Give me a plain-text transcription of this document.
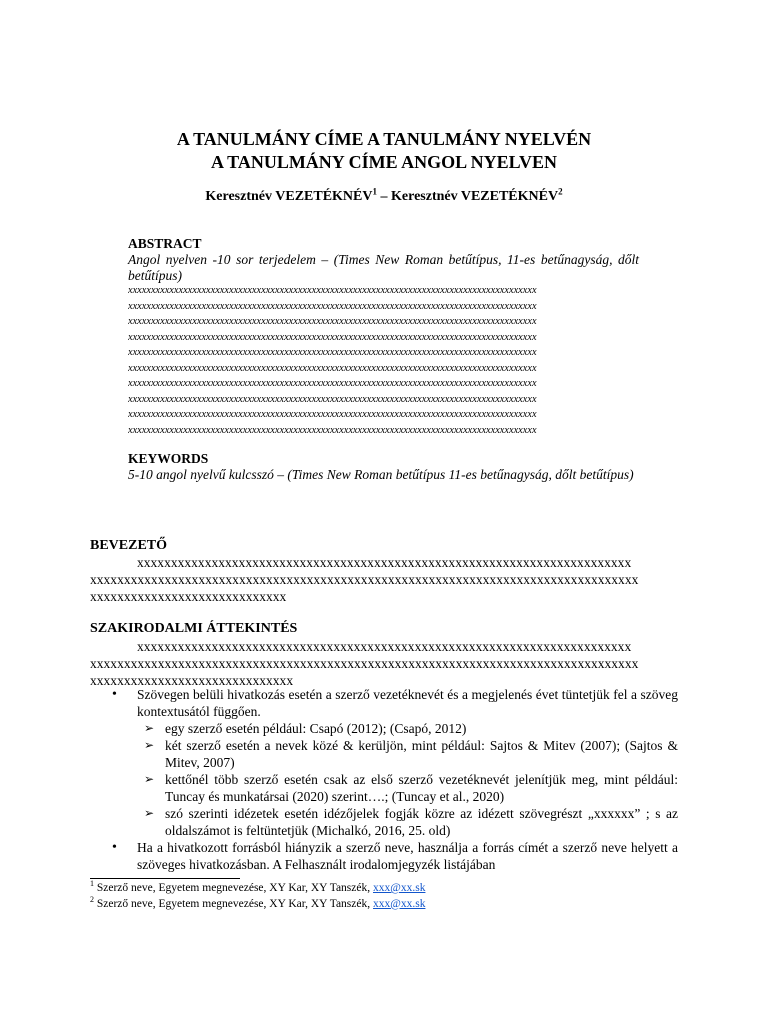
A TANULMÁNY CÍME A TANULMÁNY NYELVÉN
A TANULMÁNY CÍME ANGOL NYELVEN
Keresztnév VEZETÉKNÉV$^1$ – Keresztnév VEZETÉKNÉV$^2$
ABSTRACT
Angol nyelven -10 sor terjedelem – (Times New Roman betűtípus, 11-es betűnagyság, dőlt betűtípus)
xxxxxxxxxxxxxxxxxxxxxxxxxxxxxxxxxxxxxxxxxxxxxxxxxxxxxxxxxxxxxxxxxxxxxxxxxxxxxxxxxxxxxxxxx
xxxxxxxxxxxxxxxxxxxxxxxxxxxxxxxxxxxxxxxxxxxxxxxxxxxxxxxxxxxxxxxxxxxxxxxxxxxxxxxxxxxxxxxxx
xxxxxxxxxxxxxxxxxxxxxxxxxxxxxxxxxxxxxxxxxxxxxxxxxxxxxxxxxxxxxxxxxxxxxxxxxxxxxxxxxxxxxxxxx
xxxxxxxxxxxxxxxxxxxxxxxxxxxxxxxxxxxxxxxxxxxxxxxxxxxxxxxxxxxxxxxxxxxxxxxxxxxxxxxxxxxxxxxxx
xxxxxxxxxxxxxxxxxxxxxxxxxxxxxxxxxxxxxxxxxxxxxxxxxxxxxxxxxxxxxxxxxxxxxxxxxxxxxxxxxxxxxxxxx
xxxxxxxxxxxxxxxxxxxxxxxxxxxxxxxxxxxxxxxxxxxxxxxxxxxxxxxxxxxxxxxxxxxxxxxxxxxxxxxxxxxxxxxxx
xxxxxxxxxxxxxxxxxxxxxxxxxxxxxxxxxxxxxxxxxxxxxxxxxxxxxxxxxxxxxxxxxxxxxxxxxxxxxxxxxxxxxxxxx
xxxxxxxxxxxxxxxxxxxxxxxxxxxxxxxxxxxxxxxxxxxxxxxxxxxxxxxxxxxxxxxxxxxxxxxxxxxxxxxxxxxxxxxxx
xxxxxxxxxxxxxxxxxxxxxxxxxxxxxxxxxxxxxxxxxxxxxxxxxxxxxxxxxxxxxxxxxxxxxxxxxxxxxxxxxxxxxxxxx
xxxxxxxxxxxxxxxxxxxxxxxxxxxxxxxxxxxxxxxxxxxxxxxxxxxxxxxxxxxxxxxxxxxxxxxxxxxxxxxxxxxxxxxxx
KEYWORDS
5-10 angol nyelvű kulcsszó – (Times New Roman betűtípus 11-es betűnagyság, dőlt betűtípus)
BEVEZETŐ
xxxxxxxxxxxxxxxxxxxxxxxxxxxxxxxxxxxxxxxxxxxxxxxxxxxxxxxxxxxxxxxxxxxxxxxxx
xxxxxxxxxxxxxxxxxxxxxxxxxxxxxxxxxxxxxxxxxxxxxxxxxxxxxxxxxxxxxxxxxxxxxxxxxxxxxxxxx
xxxxxxxxxxxxxxxxxxxxxxxxxxxxx
SZAKIRODALMI ÁTTEKINTÉS
xxxxxxxxxxxxxxxxxxxxxxxxxxxxxxxxxxxxxxxxxxxxxxxxxxxxxxxxxxxxxxxxxxxxxxxxx
xxxxxxxxxxxxxxxxxxxxxxxxxxxxxxxxxxxxxxxxxxxxxxxxxxxxxxxxxxxxxxxxxxxxxxxxxxxxxxxxx
xxxxxxxxxxxxxxxxxxxxxxxxxxxxxx
• Szövegen belüli hivatkozás esetén a szerző vezetéknevét és a megjelenés évet tüntetjük fel a szöveg kontextusától függően.
➢ egy szerző esetén például: Csapó (2012); (Csapó, 2012)
➢ két szerző esetén a nevek közé & kerüljön, mint például: Sajtos & Mitev (2007); (Sajtos & Mitev, 2007)
➢ kettőnél több szerző esetén csak az első szerző vezetéknevét jelenítjük meg, mint például: Tuncay és munkatársai (2020) szerint….; (Tuncay et al., 2020)
➢ szó szerinti idézetek esetén idézőjelek fogják közre az idézett szövegrészt „xxxxxx” ; s az oldalszámot is feltüntetjük (Michalkó, 2016, 25. old)
• Ha a hivatkozott forrásból hiányzik a szerző neve, használja a forrás címét a szerző neve helyett a szöveges hivatkozásban. A Felhasznált irodalomjegyzék listájában
$^1$ Szerző neve, Egyetem megnevezése, XY Kar, XY Tanszék, xxx@xx.sk
$^2$ Szerző neve, Egyetem megnevezése, XY Kar, XY Tanszék, xxx@xx.sk
